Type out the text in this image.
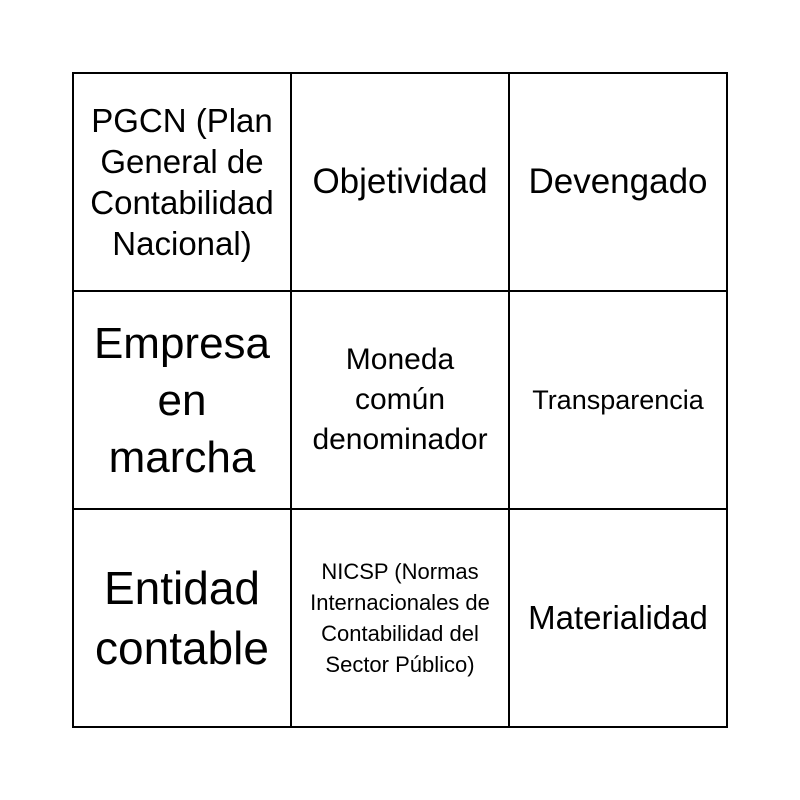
PGCN (Plan General de Contabilidad Nacional)
Objetividad Devengado
Empresa en marcha
Moneda común denominador
Transparencia
Entidad contable
NICSP (Normas Internacionales de Contabilidad del Sector Público)
Materialidad
